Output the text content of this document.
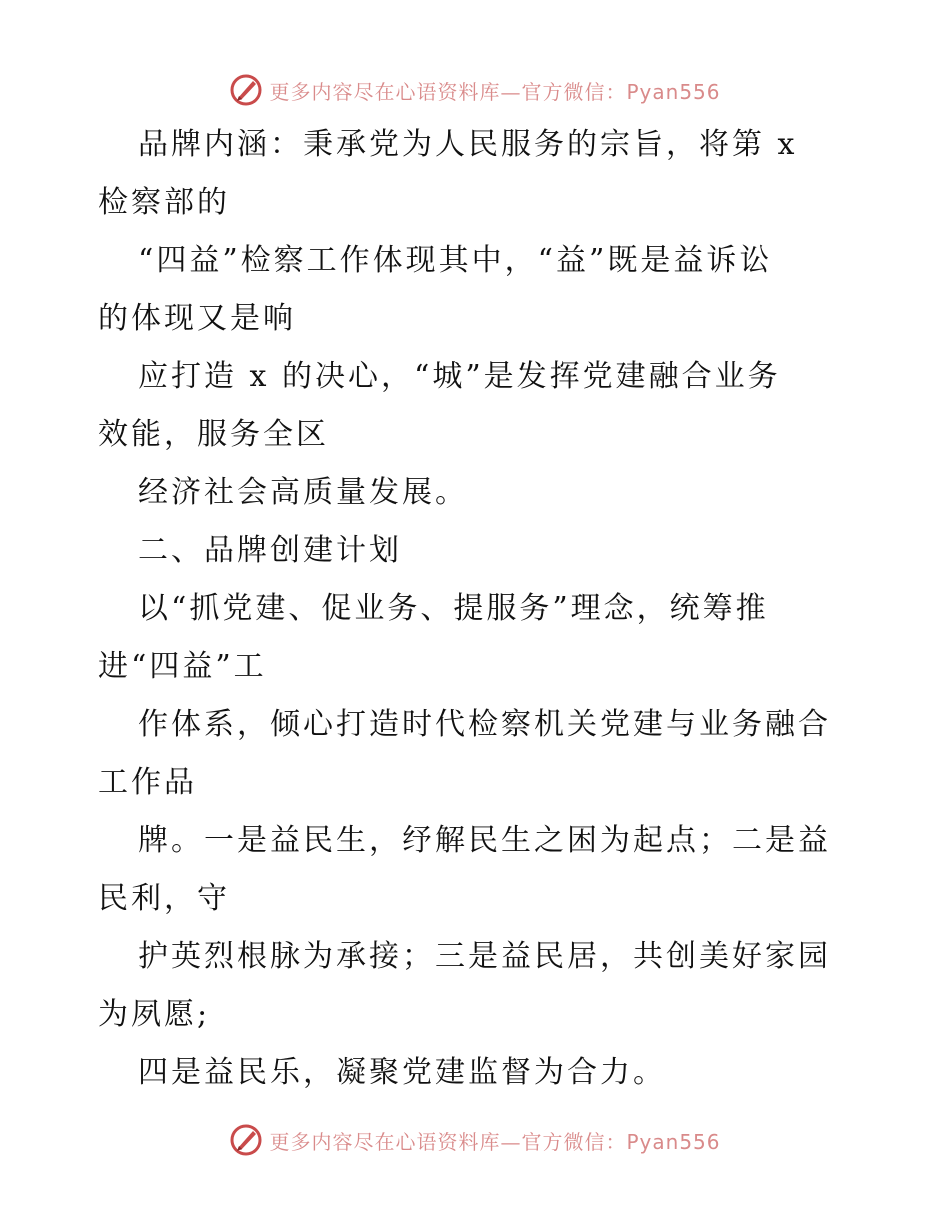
更多内容尽在心语资料库—官方微信：Pyan556
品牌内涵：秉承党为人民服务的宗旨，将第 x
检察部的
“四益”检察工作体现其中，“益”既是益诉讼
的体现又是响
应打造 x 的决心，“城”是发挥党建融合业务
效能，服务全区
经济社会高质量发展。
二、品牌创建计划
以“抓党建、促业务、提服务”理念，统筹推
进“四益”工
作体系，倾心打造时代检察机关党建与业务融合
工作品
牌。一是益民生，纾解民生之困为起点；二是益
民利，守
护英烈根脉为承接；三是益民居，共创美好家园
为夙愿;
四是益民乐，凝聚党建监督为合力。
更多内容尽在心语资料库—官方微信：Pyan556
